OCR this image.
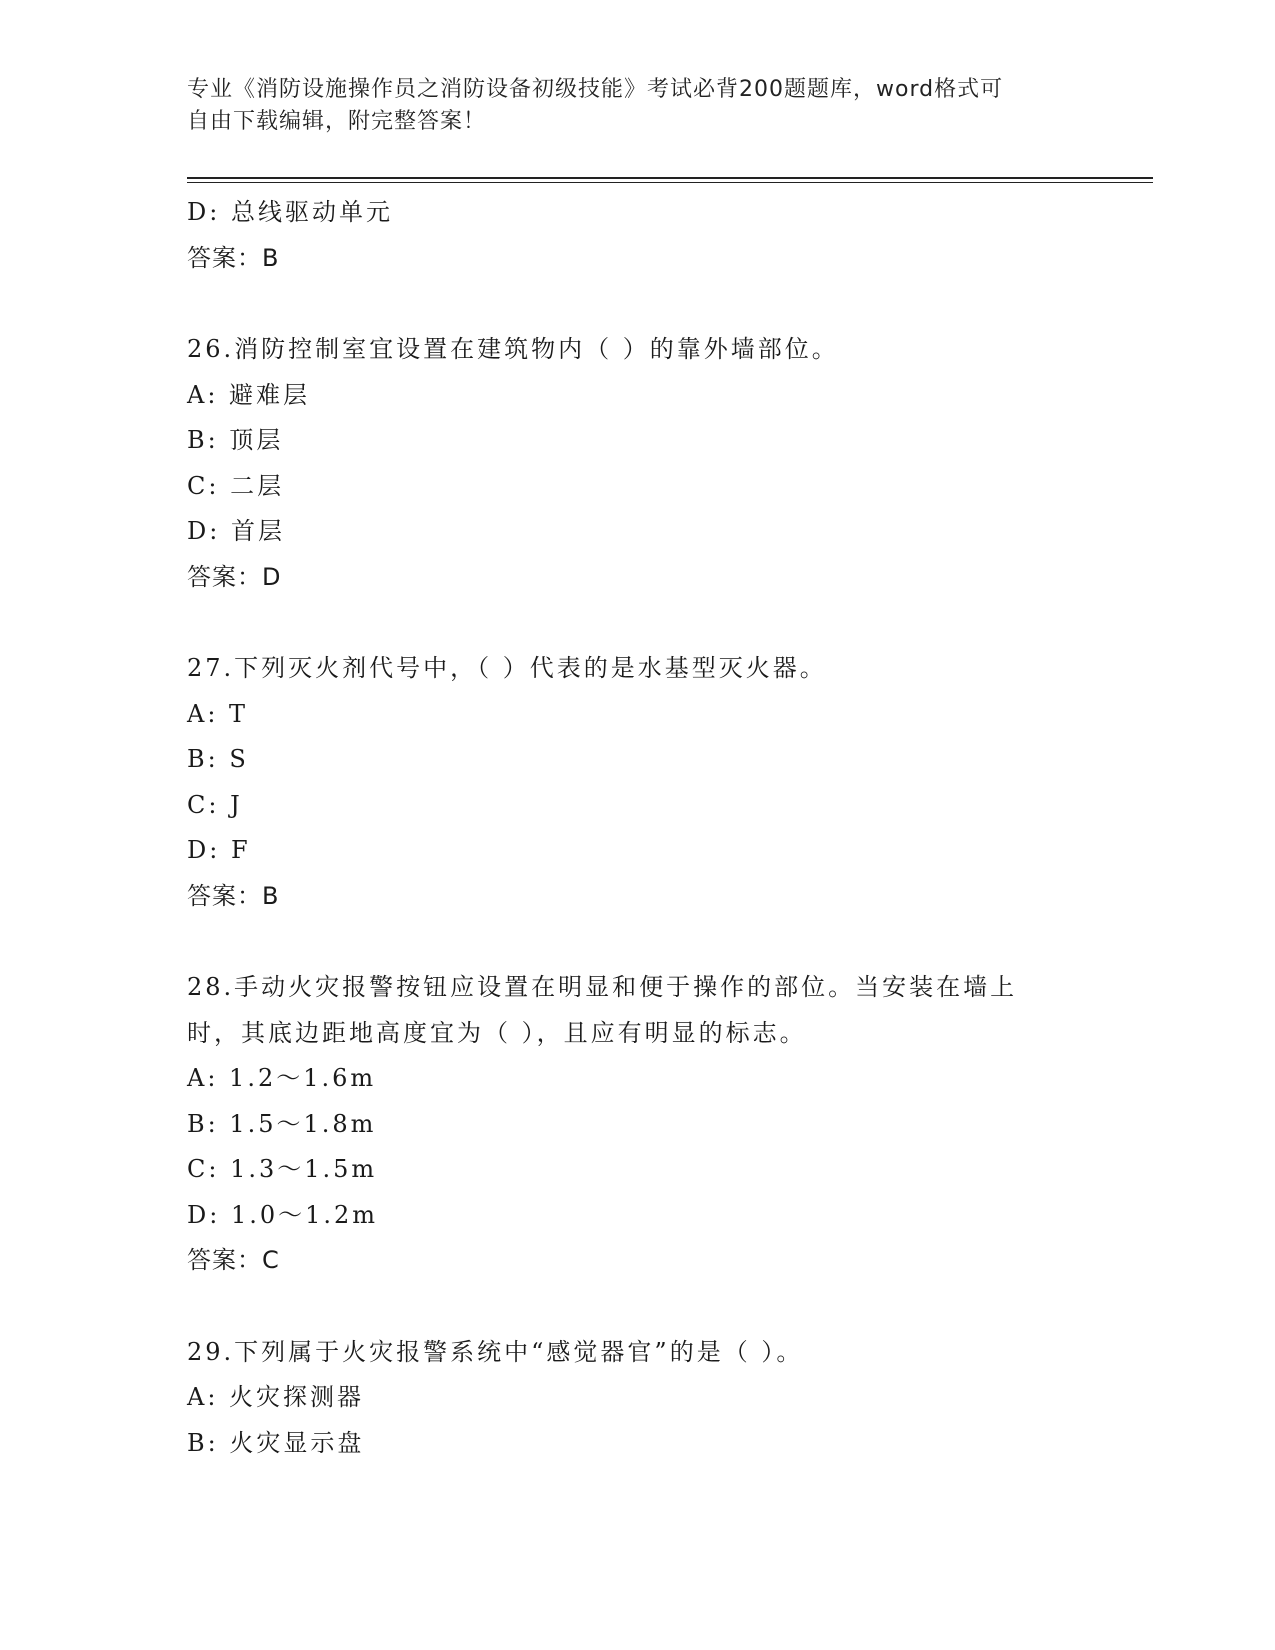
专业《消防设施操作员之消防设备初级技能》考试必背200题题库，word格式可
自由下载编辑，附完整答案！
D: 总线驱动单元
答案：B
26.消防控制室宜设置在建筑物内（ ）的靠外墙部位。
A: 避难层
B: 顶层
C: 二层
D: 首层
答案：D
27.下列灭火剂代号中，（ ）代表的是水基型灭火器。
A: T
B: S
C: J
D: F
答案：B
28.手动火灾报警按钮应设置在明显和便于操作的部位。当安装在墙上
时，其底边距地高度宜为（ ），且应有明显的标志。
A: 1.2～1.6m
B: 1.5～1.8m
C: 1.3～1.5m
D: 1.0～1.2m
答案：C
29.下列属于火灾报警系统中“感觉器官”的是（ ）。
A: 火灾探测器
B: 火灾显示盘
